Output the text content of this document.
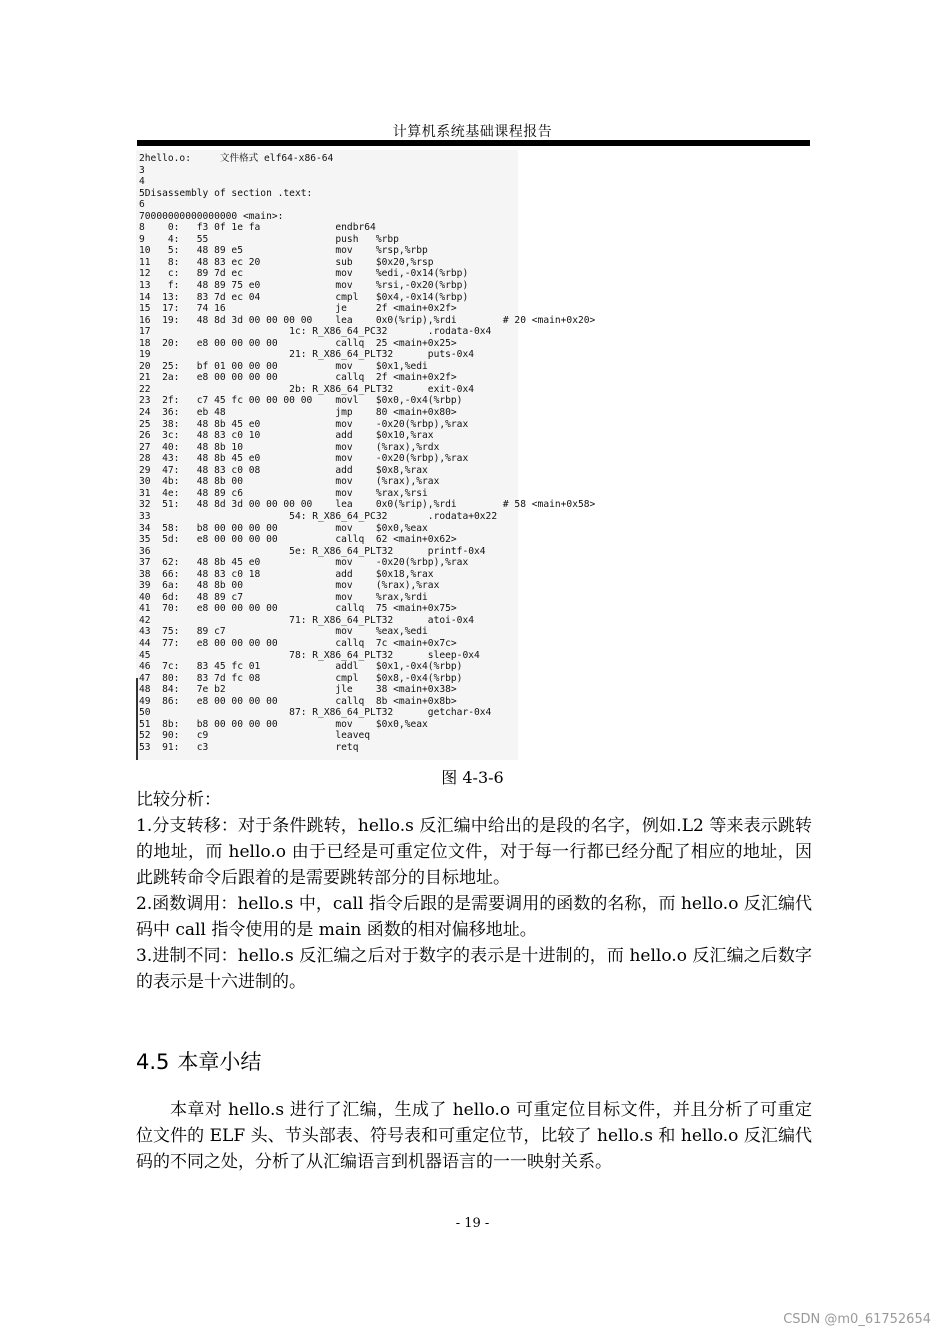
计算机系统基础课程报告
2hello.o:     文件格式 elf64-x86-64
3
4
5Disassembly of section .text:
6
70000000000000000 <main>:
8    0:   f3 0f 1e fa             endbr64
9    4:   55                      push   %rbp
10   5:   48 89 e5                mov    %rsp,%rbp
11   8:   48 83 ec 20             sub    $0x20,%rsp
12   c:   89 7d ec                mov    %edi,-0x14(%rbp)
13   f:   48 89 75 e0             mov    %rsi,-0x20(%rbp)
14  13:   83 7d ec 04             cmpl   $0x4,-0x14(%rbp)
15  17:   74 16                   je     2f <main+0x2f>
16  19:   48 8d 3d 00 00 00 00    lea    0x0(%rip),%rdi        # 20 <main+0x20>
17                        1c: R_X86_64_PC32       .rodata-0x4
18  20:   e8 00 00 00 00          callq  25 <main+0x25>
19                        21: R_X86_64_PLT32      puts-0x4
20  25:   bf 01 00 00 00          mov    $0x1,%edi
21  2a:   e8 00 00 00 00          callq  2f <main+0x2f>
22                        2b: R_X86_64_PLT32      exit-0x4
23  2f:   c7 45 fc 00 00 00 00    movl   $0x0,-0x4(%rbp)
24  36:   eb 48                   jmp    80 <main+0x80>
25  38:   48 8b 45 e0             mov    -0x20(%rbp),%rax
26  3c:   48 83 c0 10             add    $0x10,%rax
27  40:   48 8b 10                mov    (%rax),%rdx
28  43:   48 8b 45 e0             mov    -0x20(%rbp),%rax
29  47:   48 83 c0 08             add    $0x8,%rax
30  4b:   48 8b 00                mov    (%rax),%rax
31  4e:   48 89 c6                mov    %rax,%rsi
32  51:   48 8d 3d 00 00 00 00    lea    0x0(%rip),%rdi        # 58 <main+0x58>
33                        54: R_X86_64_PC32       .rodata+0x22
34  58:   b8 00 00 00 00          mov    $0x0,%eax
35  5d:   e8 00 00 00 00          callq  62 <main+0x62>
36                        5e: R_X86_64_PLT32      printf-0x4
37  62:   48 8b 45 e0             mov    -0x20(%rbp),%rax
38  66:   48 83 c0 18             add    $0x18,%rax
39  6a:   48 8b 00                mov    (%rax),%rax
40  6d:   48 89 c7                mov    %rax,%rdi
41  70:   e8 00 00 00 00          callq  75 <main+0x75>
42                        71: R_X86_64_PLT32      atoi-0x4
43  75:   89 c7                   mov    %eax,%edi
44  77:   e8 00 00 00 00          callq  7c <main+0x7c>
45                        78: R_X86_64_PLT32      sleep-0x4
46  7c:   83 45 fc 01             addl   $0x1,-0x4(%rbp)
47  80:   83 7d fc 08             cmpl   $0x8,-0x4(%rbp)
48  84:   7e b2                   jle    38 <main+0x38>
49  86:   e8 00 00 00 00          callq  8b <main+0x8b>
50                        87: R_X86_64_PLT32      getchar-0x4
51  8b:   b8 00 00 00 00          mov    $0x0,%eax
52  90:   c9                      leaveq
53  91:   c3                      retq
图 4-3-6

比较分析：

1.分支转移：对于条件跳转，hello.s 反汇编中给出的是段的名字，例如.L2 等来表示跳转的地址，而 hello.o 由于已经是可重定位文件，对于每一行都已经分配了相应的地址，因此跳转命令后跟着的是需要跳转部分的目标地址。

2.函数调用：hello.s 中，call 指令后跟的是需要调用的函数的名称，而 hello.o 反汇编代码中 call 指令使用的是 main 函数的相对偏移地址。

3.进制不同：hello.s 反汇编之后对于数字的表示是十进制的，而 hello.o 反汇编之后数字的表示是十六进制的。

4.5 本章小结

本章对 hello.s 进行了汇编，生成了 hello.o 可重定位目标文件，并且分析了可重定位文件的 ELF 头、节头部表、符号表和可重定位节，比较了 hello.s 和 hello.o 反汇编代码的不同之处，分析了从汇编语言到机器语言的一一映射关系。

- 19 -
CSDN @m0_61752654
